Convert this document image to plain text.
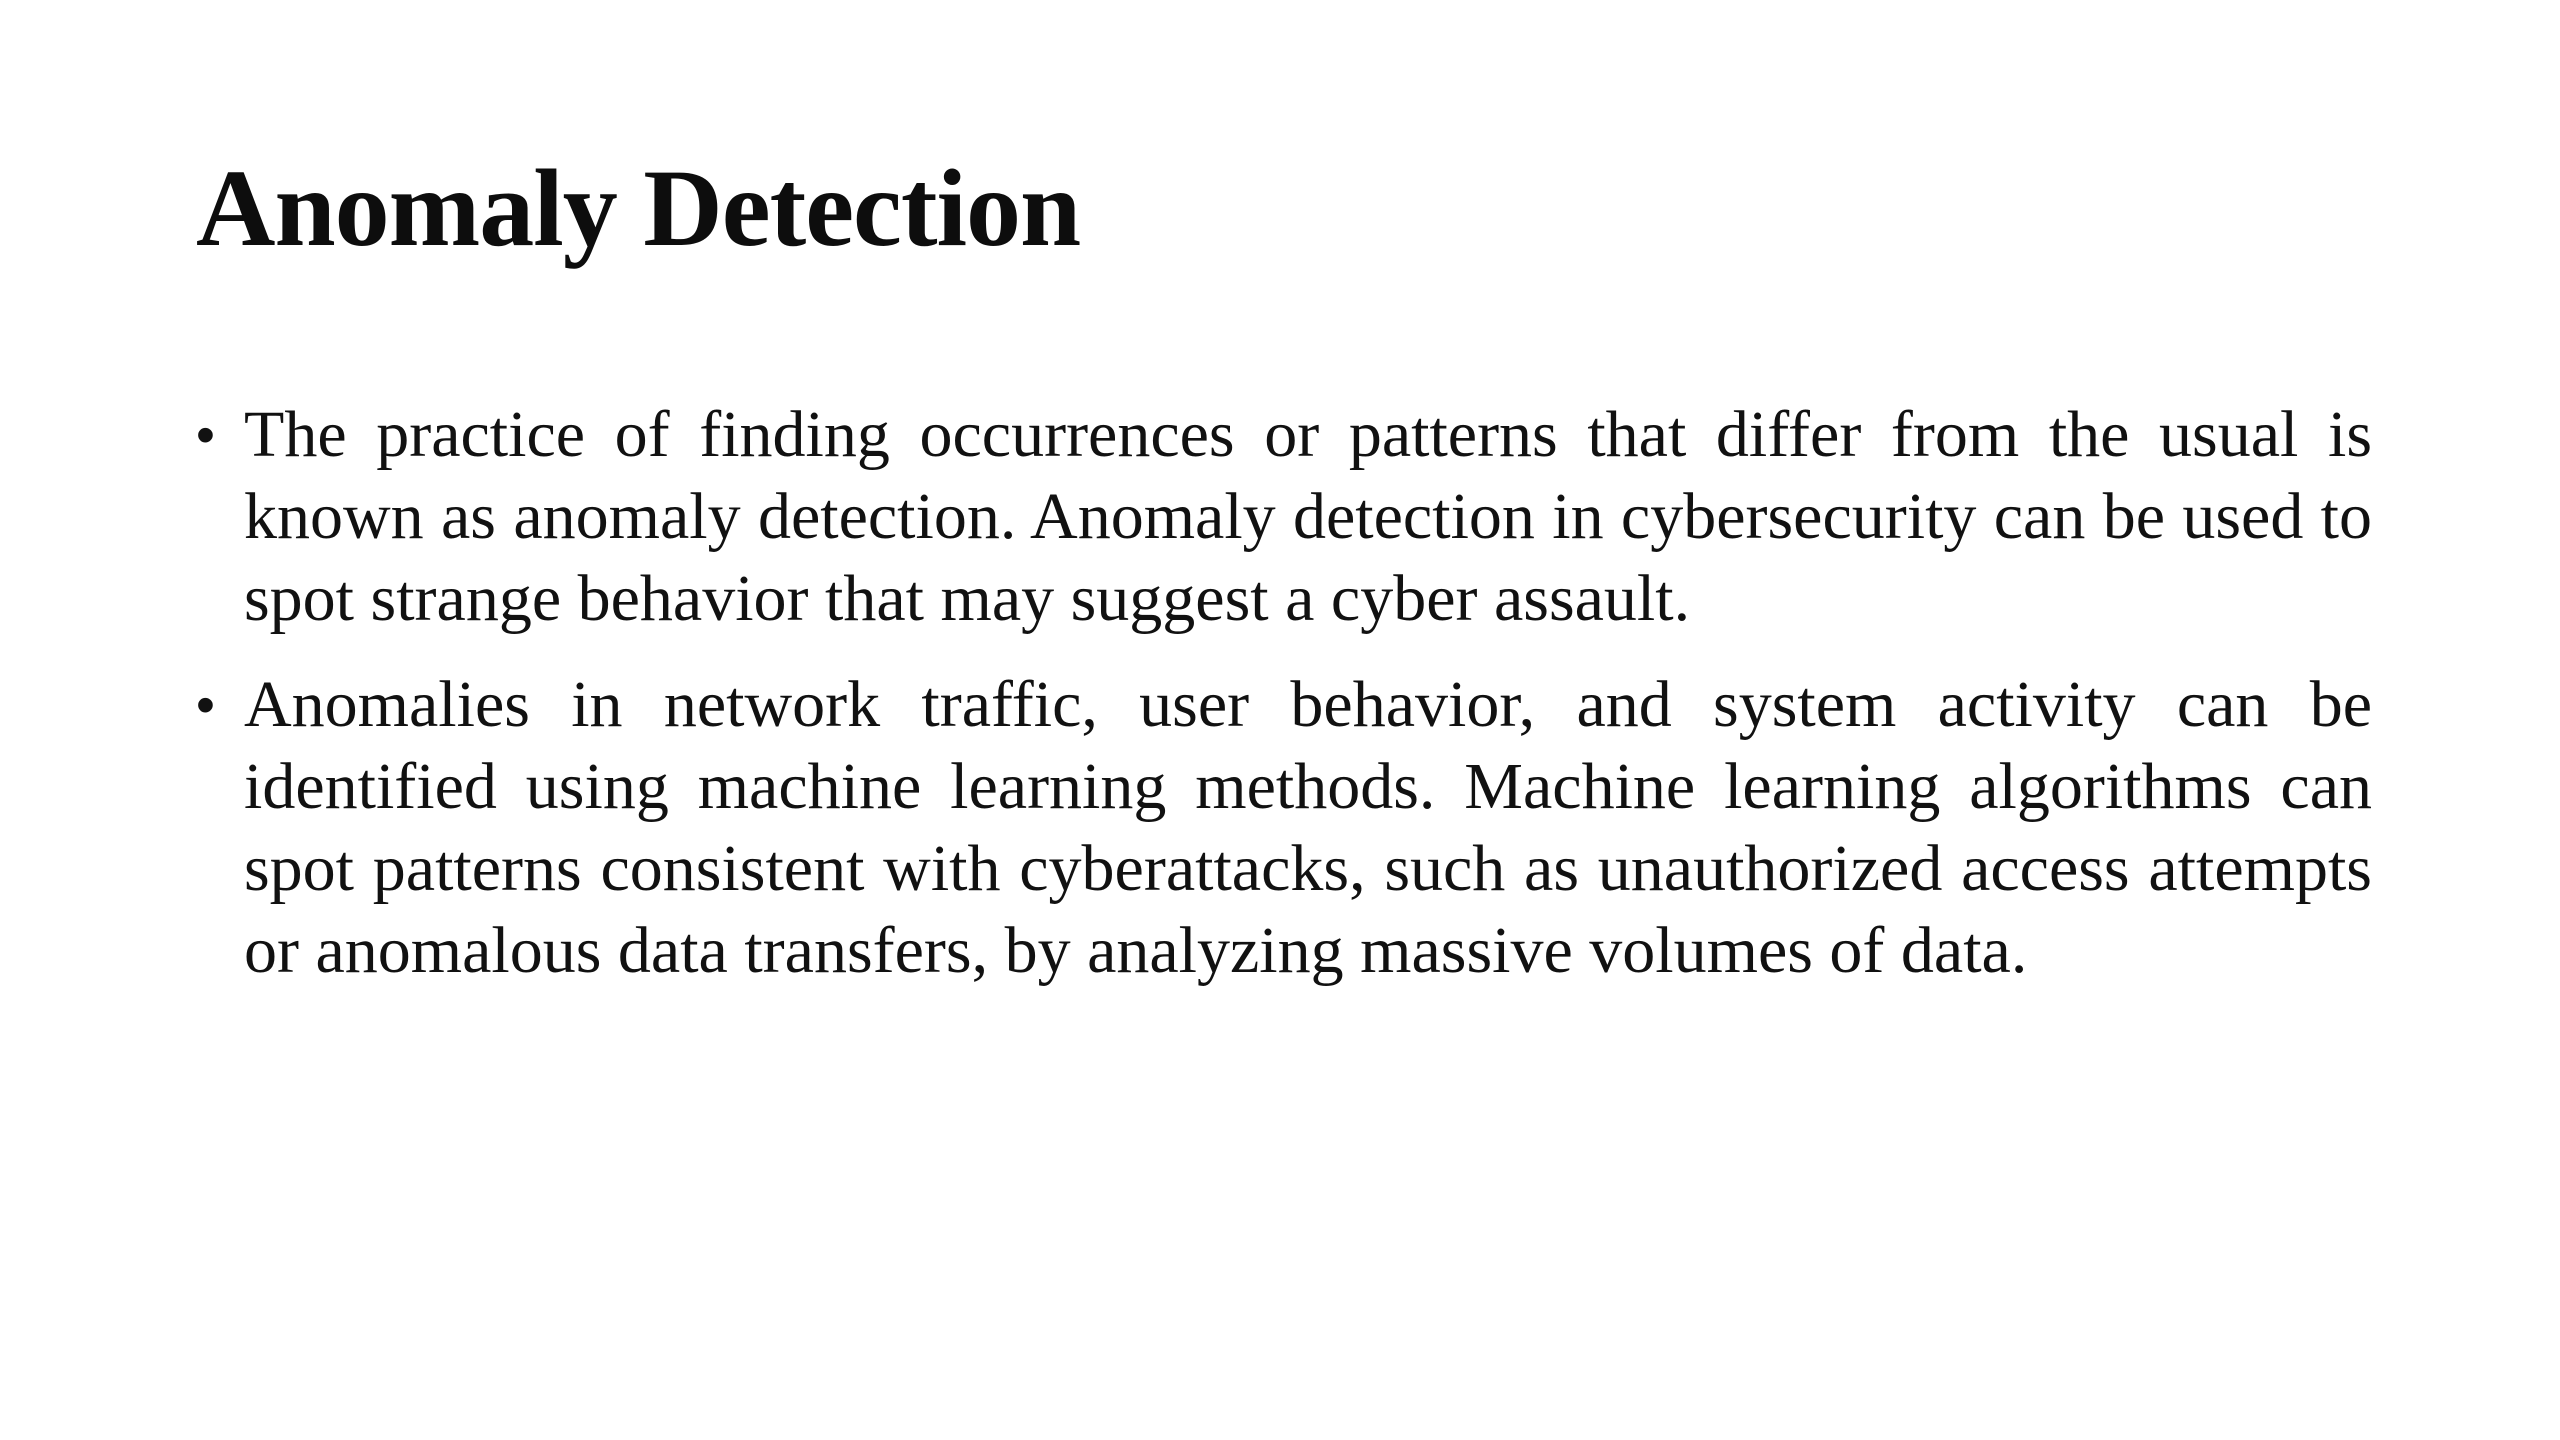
Anomaly Detection
• The practice of finding occurrences or patterns that differ from the usual is known as anomaly detection. Anomaly detection in cybersecurity can be used to spot strange behavior that may suggest a cyber assault.
• Anomalies in network traffic, user behavior, and system activity can be identified using machine learning methods. Machine learning algorithms can spot patterns consistent with cyberattacks, such as unauthorized access attempts or anomalous data transfers, by analyzing massive volumes of data.
